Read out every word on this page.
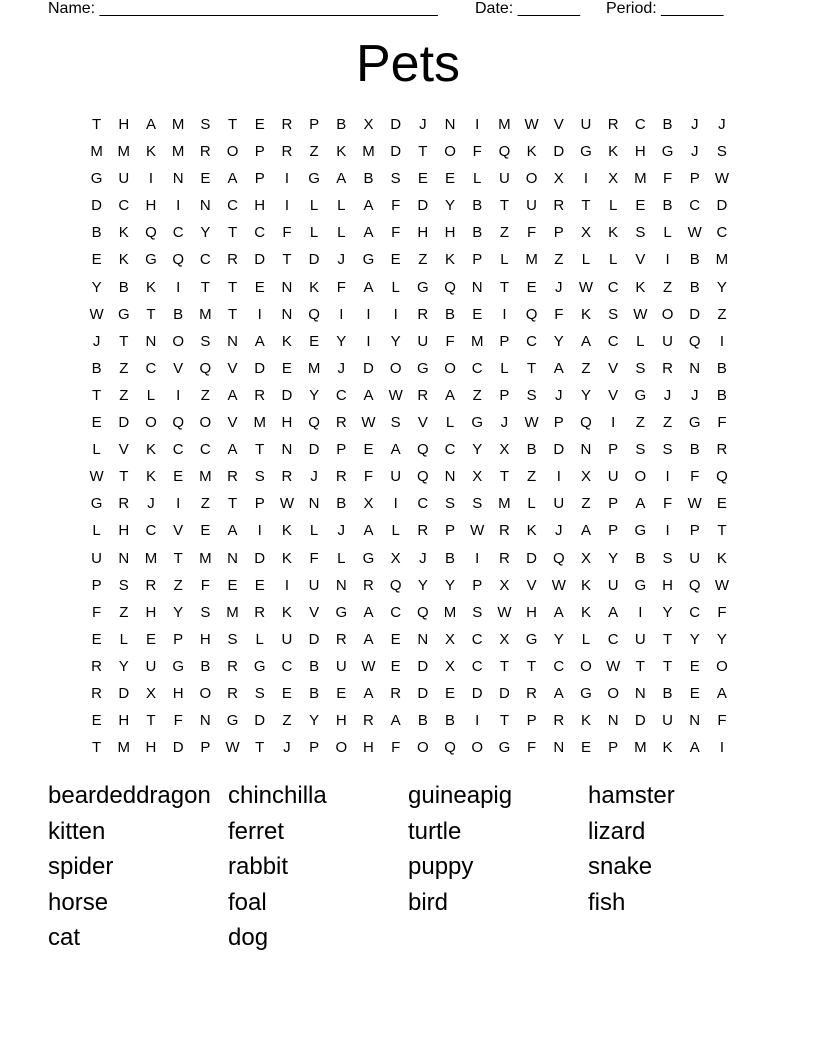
Name: ______________________________________ Date: _______ Period: _______
Pets
T	H	A	M	S	T	E	R	P	B	X	D	J	N	I	M W	V	U	R	C	B	J	J
M M	K	M	R	O	P	R	Z	K	M	D	T	O	F	Q	K	D	G	K	H	G	J	S
G	U	I	N	E	A	P	I	G	A	B	S	E	E	L	U	O	X	I	X	M	F	P	W
D	C	H	I	N	C	H	I	L	L	A	F	D	Y	B	T	U	R	T	L	E	B	C	D
B	K	Q	C	Y	T	C	F	L	L	A	F	H	H	B	Z	F	P	X	K	S	L	W C
E	K	G	Q	C	R	D	T	D	J	G	E	Z	K	P	L	M	Z	L	L	V	I	B	M
Y	B	K	I	T	T	E	N	K	F	A	L	G	Q	N	T	E	J	W C	K	Z	B	Y
W G	T	B	M	T	I	N	Q	I	I	I	R	B	E	I	Q	F	K	S	W O	D	Z
J	T	N	O	S	N	A	K	E	Y	I	Y	U	F	M	P	C	Y	A	C	L	U	Q	I
B	Z	C	V	Q	V	D	E	M	J	D	O	G	O	C	L	T	A	Z	V	S	R	N	B
T	Z	L	I	Z	A	R	D	Y	C	A	W R	A	Z	P	S	J	Y	V	G	J	J	B
E	D	O	Q	O	V	M	H	Q	R W	S	V	L	G	J	W	P	Q	I	Z	Z	G	F
L	V	K	C	C	A	T	N	D	P	E	A	Q	C	Y	X	B	D	N	P	S	S	B	R
W	T	K	E	M	R	S	R	J	R	F	U	Q	N	X	T	Z	I	X	U	O	I	F	Q
G	R	J	I	Z	T	P	W N	B	X	I	C	S	S	M	L	U	Z	P	A	F	W	E
L	H	C	V	E	A	I	K	L	J	A	L	R	P	W R	K	J	A	P	G	I	P	T
U	N	M	T	M	N	D	K	F	L	G	X	J	B	I	R	D	Q	X	Y	B	S	U	K
P	S	R	Z	F	E	E	I	U	N	R	Q	Y	Y	P	X	V	W	K	U	G	H	Q W
F	Z	H	Y	S	M	R	K	V	G	A	C	Q	M	S	W H	A	K	A	I	Y	C	F
E	L	E	P	H	S	L	U	D	R	A	E	N	X	C	X	G	Y	L	C	U	T	Y	Y
R	Y	U	G	B	R	G	C	B	U W	E	D	X	C	T	T	C	O W	T	T	E	O
R	D	X	H	O	R	S	E	B	E	A	R	D	E	D	D	R	A	G	O	N	B	E	A
E	H	T	F	N	G	D	Z	Y	H	R	A	B	B	I	T	P	R	K	N	D	U	N	F
T	M	H	D	P	W	T	J	P	O	H	F	O	Q	O	G	F	N	E	P	M	K	A	I
beardeddragon chinchilla	guineapig	hamster
kitten	ferret	turtle	lizard
spider	rabbit	puppy	snake
horse	foal	bird	fish
cat	dog
